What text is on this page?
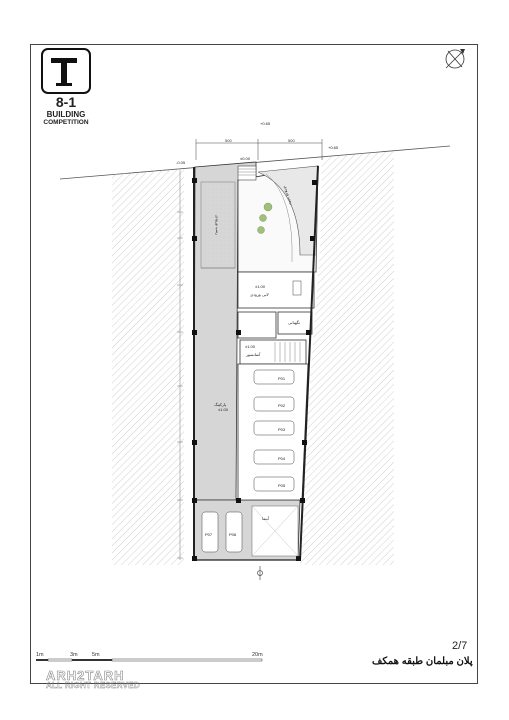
8-1
BUILDING
COMPETITION
500	500
+0.65
±0.00
-0.05
+0.65
±1.00
±1.00
±1.00
پارکینگ
لابی ورودی
نگهبانی
آسانسور
رمپ ورودی
رمپ ورودی
آبنما
P01
P02
P03
P04
P05
P07	P08
1m	3m	5m	20m
2/7
پلان مبلمان طبقه همکف
ARH2TARH
ALL RIGHT RESERVED
